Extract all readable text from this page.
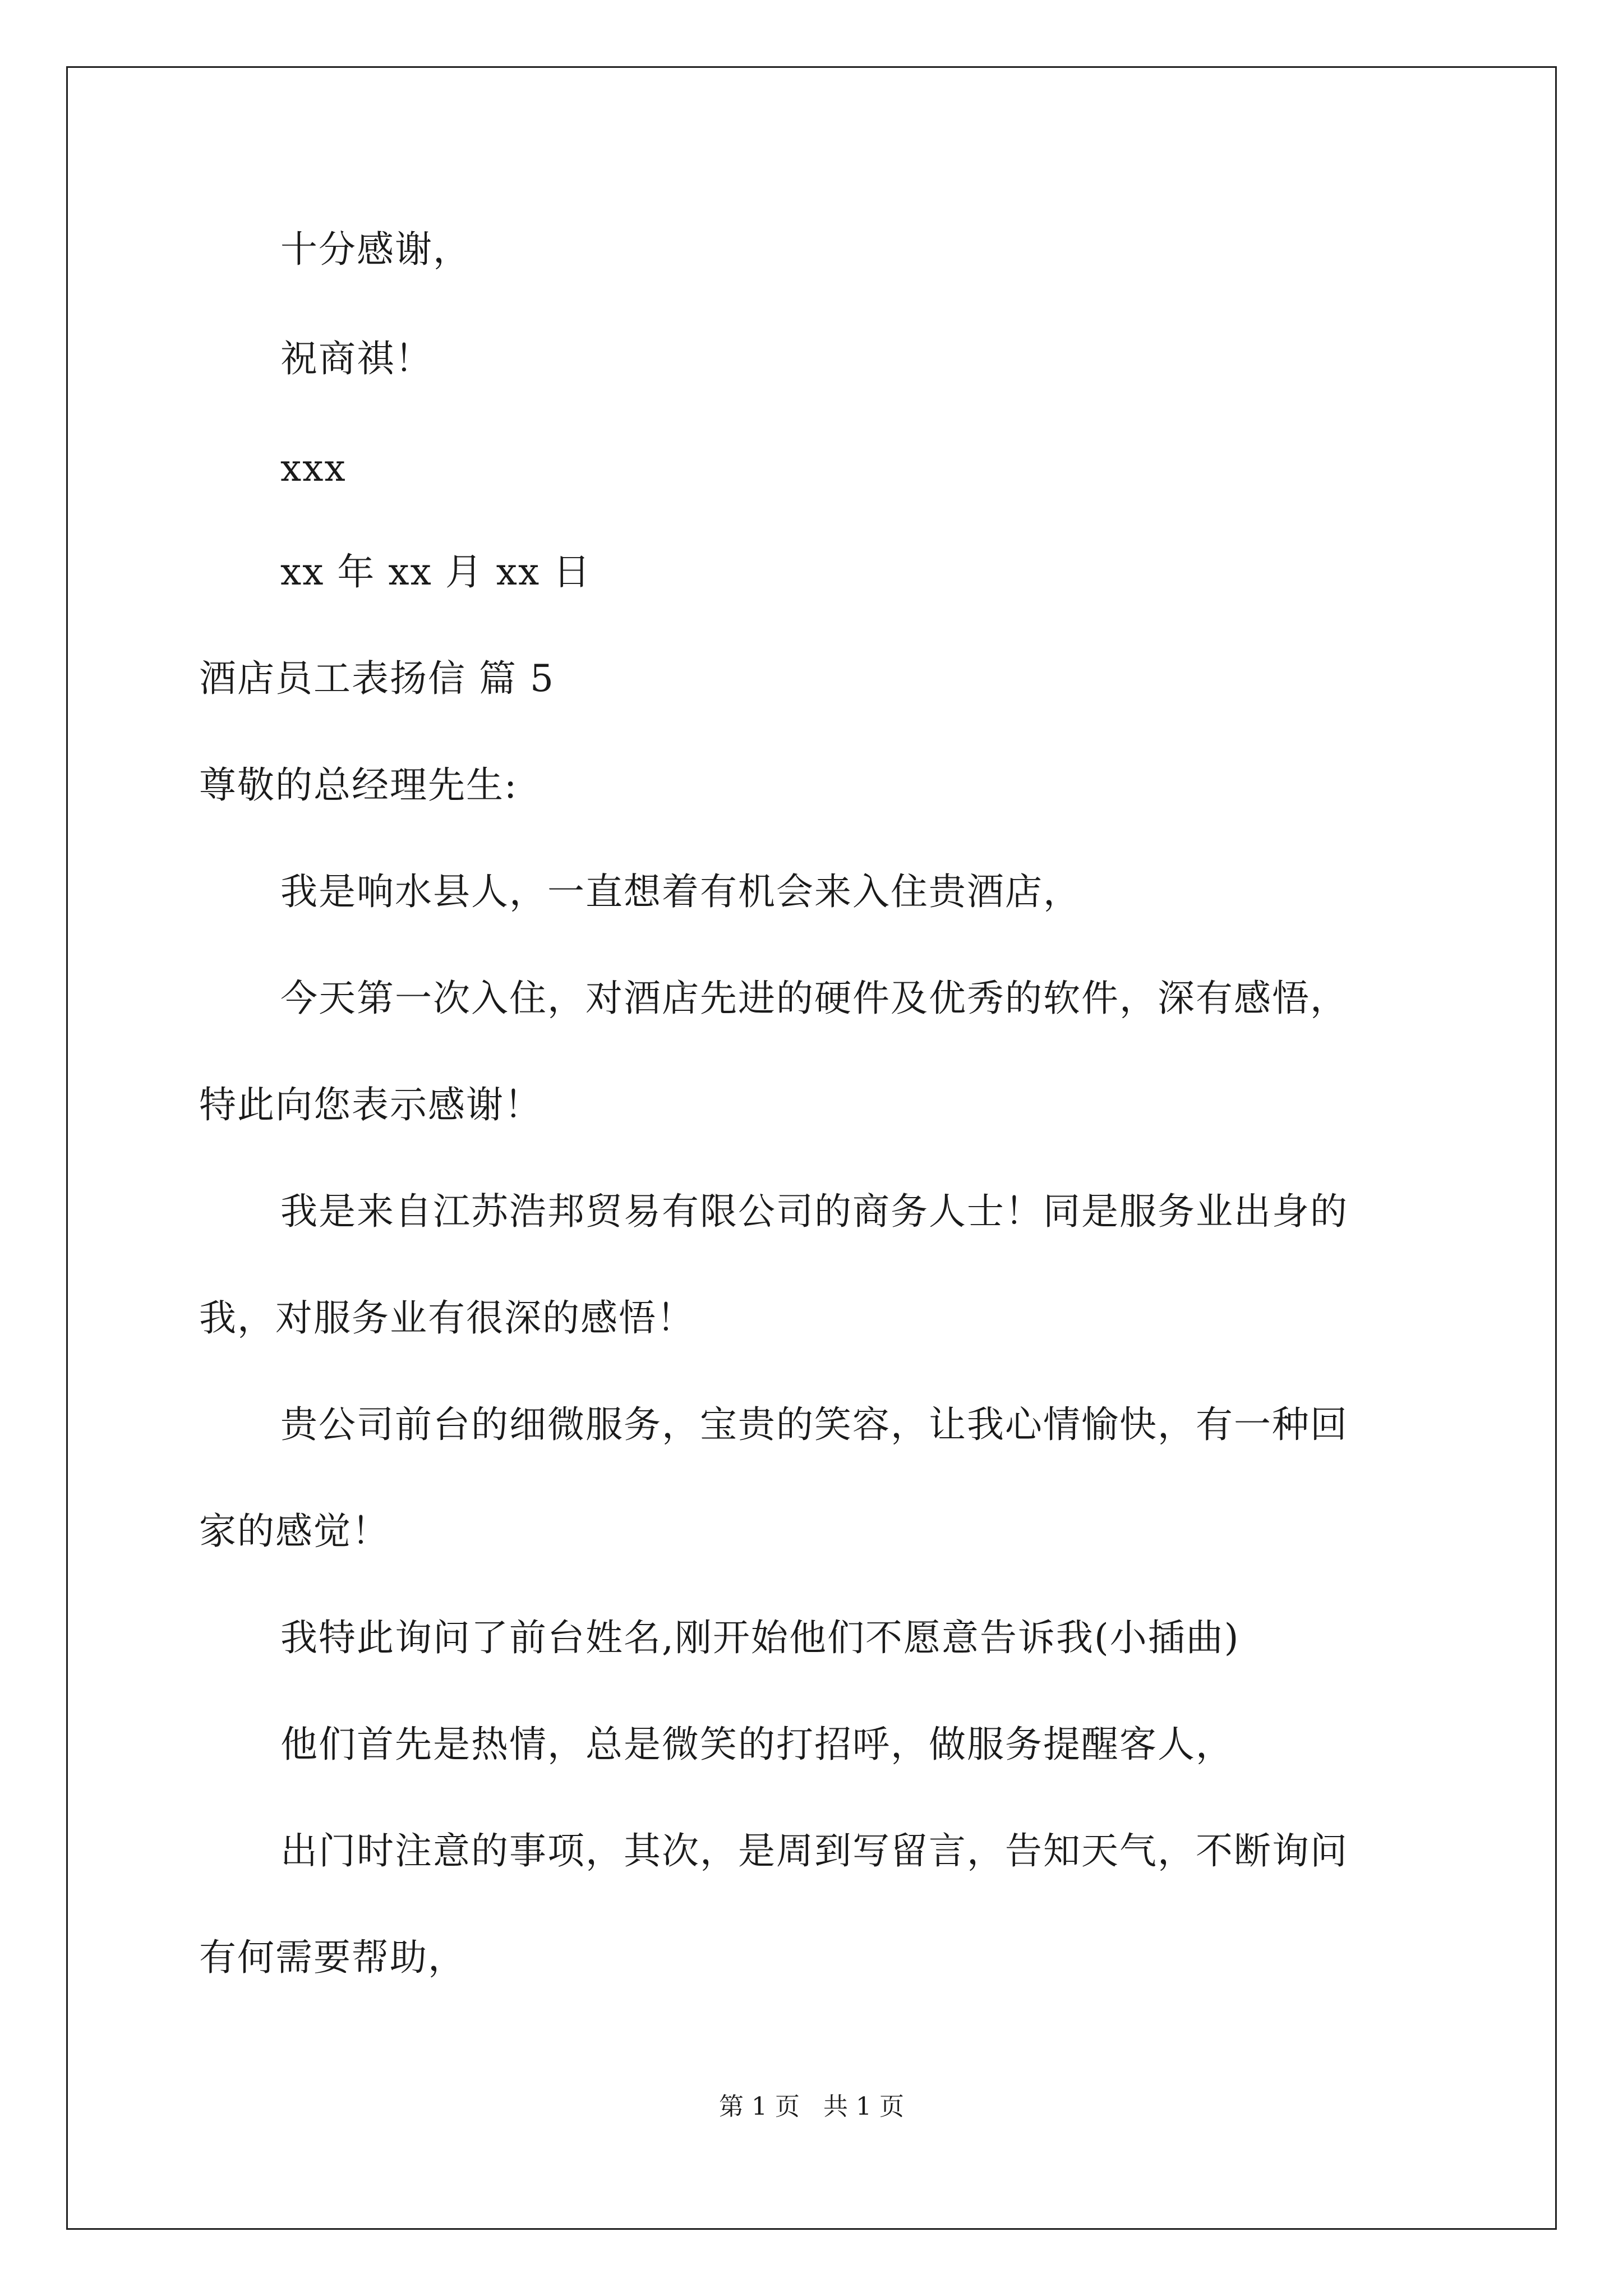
十分感谢，
祝商祺！
xxx
xx 年 xx 月 xx 日
酒店员工表扬信 篇 5
尊敬的总经理先生:
我是响水县人，一直想着有机会来入住贵酒店，
今天第一次入住，对酒店先进的硬件及优秀的软件，深有感悟，
特此向您表示感谢！
我是来自江苏浩邦贸易有限公司的商务人士！同是服务业出身的
我，对服务业有很深的感悟！
贵公司前台的细微服务，宝贵的笑容，让我心情愉快，有一种回
家的感觉！
我特此询问了前台姓名,刚开始他们不愿意告诉我(小插曲)
他们首先是热情，总是微笑的打招呼，做服务提醒客人，
出门时注意的事项，其次，是周到写留言，告知天气，不断询问
有何需要帮助，
第 1 页   共 1 页
